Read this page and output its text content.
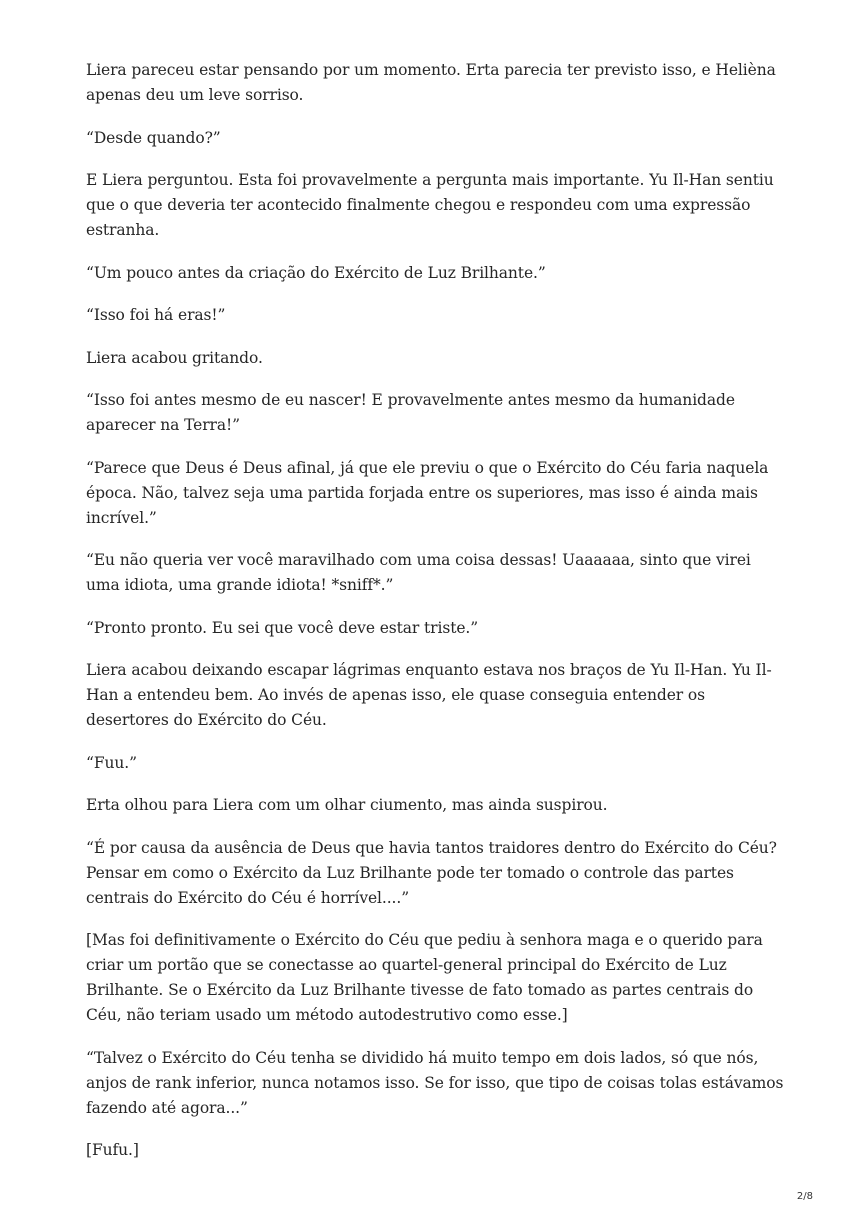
Liera pareceu estar pensando por um momento. Erta parecia ter previsto isso, e Helièna apenas deu um leve sorriso.

“Desde quando?”

E Liera perguntou. Esta foi provavelmente a pergunta mais importante. Yu Il-Han sentiu que o que deveria ter acontecido finalmente chegou e respondeu com uma expressão estranha.

“Um pouco antes da criação do Exército de Luz Brilhante.”

“Isso foi há eras!”

Liera acabou gritando.

“Isso foi antes mesmo de eu nascer! E provavelmente antes mesmo da humanidade aparecer na Terra!”

“Parece que Deus é Deus afinal, já que ele previu o que o Exército do Céu faria naquela época. Não, talvez seja uma partida forjada entre os superiores, mas isso é ainda mais incrível.”

“Eu não queria ver você maravilhado com uma coisa dessas! Uaaaaaa, sinto que virei uma idiota, uma grande idiota! *sniff*.”

“Pronto pronto. Eu sei que você deve estar triste.”

Liera acabou deixando escapar lágrimas enquanto estava nos braços de Yu Il-Han. Yu Il-Han a entendeu bem. Ao invés de apenas isso, ele quase conseguia entender os desertores do Exército do Céu.

“Fuu.”

Erta olhou para Liera com um olhar ciumento, mas ainda suspirou.

“É por causa da ausência de Deus que havia tantos traidores dentro do Exército do Céu? Pensar em como o Exército da Luz Brilhante pode ter tomado o controle das partes centrais do Exército do Céu é horrível....”

[Mas foi definitivamente o Exército do Céu que pediu à senhora maga e o querido para criar um portão que se conectasse ao quartel-general principal do Exército de Luz Brilhante. Se o Exército da Luz Brilhante tivesse de fato tomado as partes centrais do Céu, não teriam usado um método autodestrutivo como esse.]

“Talvez o Exército do Céu tenha se dividido há muito tempo em dois lados, só que nós, anjos de rank inferior, nunca notamos isso. Se for isso, que tipo de coisas tolas estávamos fazendo até agora...”

[Fufu.]

2/8
